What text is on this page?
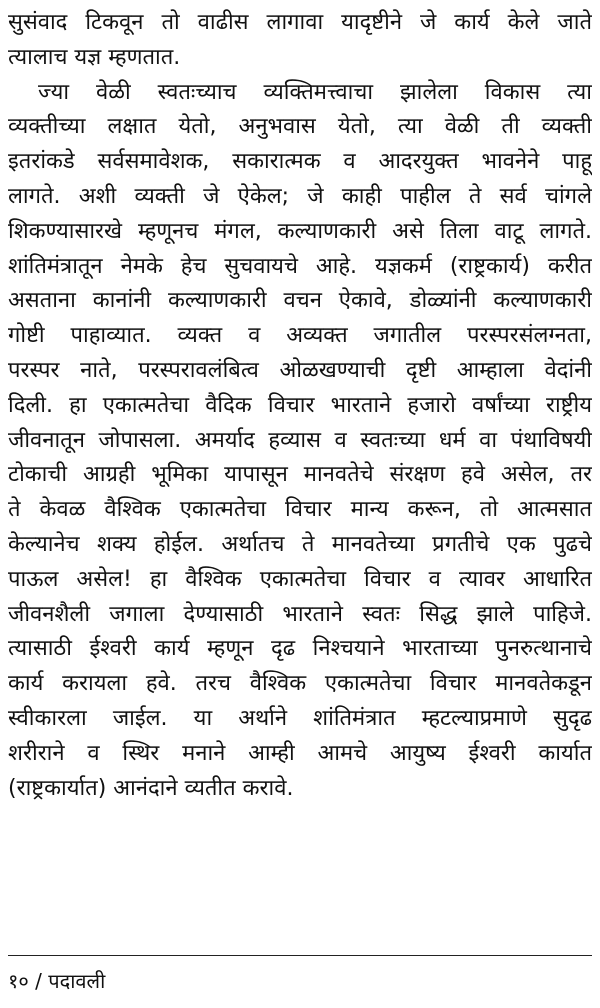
सुसंवाद टिकवून तो वाढीस लागावा यादृष्टीने जे कार्य केले जाते
त्यालाच यज्ञ म्हणतात.
ज्या वेळी स्वतःच्याच व्यक्तिमत्त्वाचा झालेला विकास त्या
व्यक्तीच्या लक्षात येतो, अनुभवास येतो, त्या वेळी ती व्यक्ती
इतरांकडे सर्वसमावेशक, सकारात्मक व आदरयुक्त भावनेने पाहू
लागते. अशी व्यक्ती जे ऐकेल; जे काही पाहील ते सर्व चांगले
शिकण्यासारखे म्हणूनच मंगल, कल्याणकारी असे तिला वाटू लागते.
शांतिमंत्रातून नेमके हेच सुचवायचे आहे. यज्ञकर्म (राष्ट्रकार्य) करीत
असताना कानांनी कल्याणकारी वचन ऐकावे, डोळ्यांनी कल्याणकारी
गोष्टी पाहाव्यात. व्यक्त व अव्यक्त जगातील परस्परसंलग्नता,
परस्पर नाते, परस्परावलंबित्व ओळखण्याची दृष्टी आम्हाला वेदांनी
दिली. हा एकात्मतेचा वैदिक विचार भारताने हजारो वर्षांच्या राष्ट्रीय
जीवनातून जोपासला. अमर्याद हव्यास व स्वतःच्या धर्म वा पंथाविषयी
टोकाची आग्रही भूमिका यापासून मानवतेचे संरक्षण हवे असेल, तर
ते केवळ वैश्विक एकात्मतेचा विचार मान्य करून, तो आत्मसात
केल्यानेच शक्य होईल. अर्थातच ते मानवतेच्या प्रगतीचे एक पुढचे
पाऊल असेल! हा वैश्विक एकात्मतेचा विचार व त्यावर आधारित
जीवनशैली जगाला देण्यासाठी भारताने स्वतः सिद्ध झाले पाहिजे.
त्यासाठी ईश्वरी कार्य म्हणून दृढ निश्चयाने भारताच्या पुनरुत्थानाचे
कार्य करायला हवे. तरच वैश्विक एकात्मतेचा विचार मानवतेकडून
स्वीकारला जाईल. या अर्थाने शांतिमंत्रात म्हटल्याप्रमाणे सुदृढ
शरीराने व स्थिर मनाने आम्ही आमचे आयुष्य ईश्वरी कार्यात
(राष्ट्रकार्यात) आनंदाने व्यतीत करावे.
१० / पदावली
